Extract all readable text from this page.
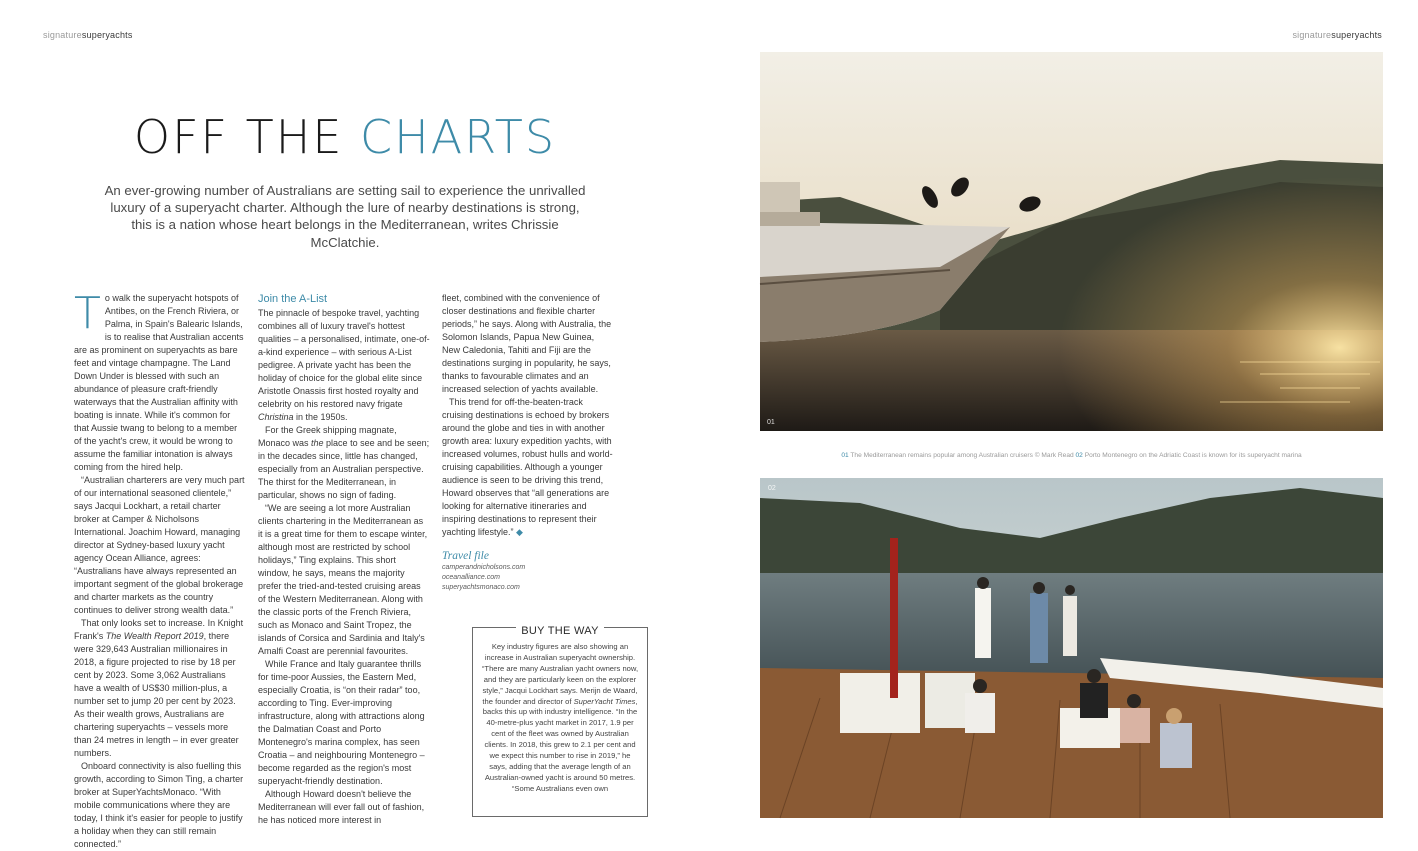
signaturesuperyachts	signaturesuperyachts
OFF THE CHARTS
An ever-growing number of Australians are setting sail to experience the unrivalled luxury of a superyacht charter. Although the lure of nearby destinations is strong, this is a nation whose heart belongs in the Mediterranean, writes Chrissie McClatchie.

To walk the superyacht hotspots of Antibes, on the French Riviera, or Palma, in Spain's Balearic Islands, is to realise that Australian accents are as prominent on superyachts as bare feet and vintage champagne. The Land Down Under is blessed with such an abundance of pleasure craft-friendly waterways that the Australian affinity with boating is innate. While it's common for that Aussie twang to belong to a member of the yacht's crew, it would be wrong to assume the familiar intonation is always coming from the hired help.

“Australian charterers are very much part of our international seasoned clientele,” says Jacqui Lockhart, a retail charter broker at Camper & Nicholsons International. Joachim Howard, managing director at Sydney-based luxury yacht agency Ocean Alliance, agrees: “Australians have always represented an important segment of the global brokerage and charter markets as the country continues to deliver strong wealth data.”

That only looks set to increase. In Knight Frank's The Wealth Report 2019, there were 329,643 Australian millionaires in 2018, a figure projected to rise by 18 per cent by 2023. Some 3,062 Australians have a wealth of US$30 million-plus, a number set to jump 20 per cent by 2023. As their wealth grows, Australians are chartering superyachts – vessels more than 24 metres in length – in ever greater numbers.

Onboard connectivity is also fuelling this growth, according to Simon Ting, a charter broker at SuperYachtsMonaco. “With mobile communications where they are today, I think it's easier for people to justify a holiday when they can still remain connected.”

Join the A-List

The pinnacle of bespoke travel, yachting combines all of luxury travel's hottest qualities – a personalised, intimate, one-of-a-kind experience – with serious A-List pedigree. A private yacht has been the holiday of choice for the global elite since Aristotle Onassis first hosted royalty and celebrity on his restored navy frigate Christina in the 1950s.

For the Greek shipping magnate, Monaco was the place to see and be seen; in the decades since, little has changed, especially from an Australian perspective. The thirst for the Mediterranean, in particular, shows no sign of fading.

“We are seeing a lot more Australian clients chartering in the Mediterranean as it is a great time for them to escape winter, although most are restricted by school holidays,” Ting explains. This short window, he says, means the majority prefer the tried-and-tested cruising areas of the Western Mediterranean. Along with the classic ports of the French Riviera, such as Monaco and Saint Tropez, the islands of Corsica and Sardinia and Italy's Amalfi Coast are perennial favourites.

While France and Italy guarantee thrills for time-poor Aussies, the Eastern Med, especially Croatia, is “on their radar” too, according to Ting. Ever-improving infrastructure, along with attractions along the Dalmatian Coast and Porto Montenegro's marina complex, has seen Croatia – and neighbouring Montenegro – become regarded as the region's most superyacht-friendly destination.

Although Howard doesn't believe the Mediterranean will ever fall out of fashion, he has noticed more interest in

fleet, combined with the convenience of closer destinations and flexible charter periods,” he says. Along with Australia, the Solomon Islands, Papua New Guinea, New Caledonia, Tahiti and Fiji are the destinations surging in popularity, he says, thanks to favourable climates and an increased selection of yachts available.

This trend for off-the-beaten-track cruising destinations is echoed by brokers around the globe and ties in with another growth area: luxury expedition yachts, with increased volumes, robust hulls and world-cruising capabilities. Although a younger audience is seen to be driving this trend, Howard observes that “all generations are looking for alternative itineraries and inspiring destinations to represent their yachting lifestyle.” ◆

Travel file
camperandnicholsons.com
oceanalliance.com
superyachtsmonaco.com
BUY THE WAY
Key industry figures are also showing an increase in Australian superyacht ownership. “There are many Australian yacht owners now, and they are particularly keen on the explorer style,” Jacqui Lockhart says. Merijn de Waard, the founder and director of SuperYacht Times, backs this up with industry intelligence. “In the 40-metre-plus yacht market in 2017, 1.9 per cent of the fleet was owned by Australian clients. In 2018, this grew to 2.1 per cent and we expect this number to rise in 2019,” he says, adding that the average length of an Australian-owned yacht is around 50 metres. “Some Australians even own
01
01 The Mediterranean remains popular among Australian cruisers © Mark Read 02 Porto Montenegro on the Adriatic Coast is known for its superyacht marina
02
